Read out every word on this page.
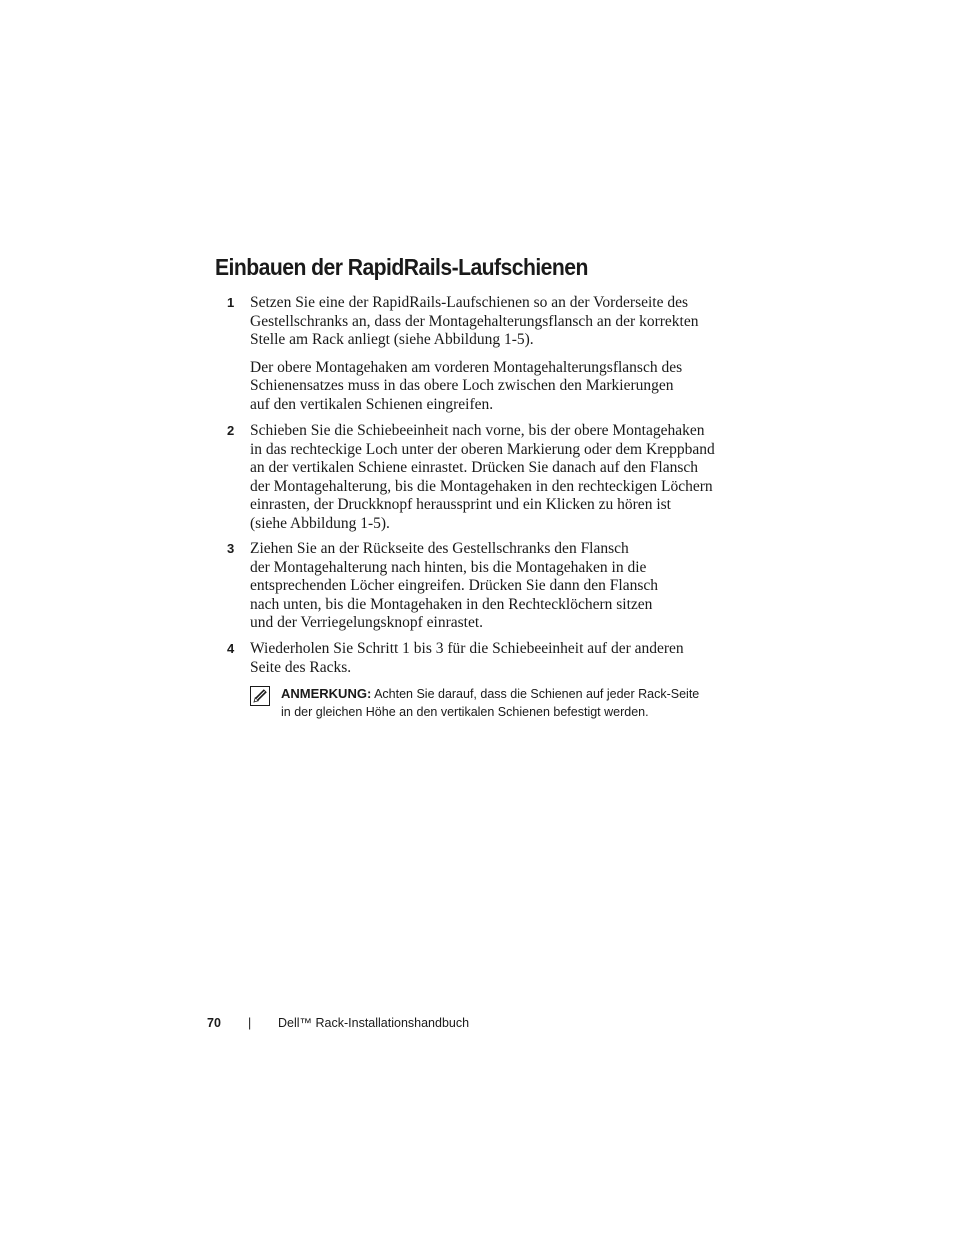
Einbauen der RapidRails-Laufschienen
1 Setzen Sie eine der RapidRails-Laufschienen so an der Vorderseite des
Gestellschranks an, dass der Montagehalterungsflansch an der korrekten
Stelle am Rack anliegt (siehe Abbildung 1-5).
Der obere Montagehaken am vorderen Montagehalterungsflansch des
Schienensatzes muss in das obere Loch zwischen den Markierungen
auf den vertikalen Schienen eingreifen.
2 Schieben Sie die Schiebeeinheit nach vorne, bis der obere Montagehaken
in das rechteckige Loch unter der oberen Markierung oder dem Kreppband
an der vertikalen Schiene einrastet. Drücken Sie danach auf den Flansch
der Montagehalterung, bis die Montagehaken in den rechteckigen Löchern
einrasten, der Druckknopf heraussprint und ein Klicken zu hören ist
(siehe Abbildung 1-5).
3 Ziehen Sie an der Rückseite des Gestellschranks den Flansch
der Montagehalterung nach hinten, bis die Montagehaken in die
entsprechenden Löcher eingreifen. Drücken Sie dann den Flansch
nach unten, bis die Montagehaken in den Rechtecklöchern sitzen
und der Verriegelungsknopf einrastet.
4 Wiederholen Sie Schritt 1 bis 3 für die Schiebeeinheit auf der anderen
Seite des Racks.
ANMERKUNG: Achten Sie darauf, dass die Schienen auf jeder Rack-Seite
in der gleichen Höhe an den vertikalen Schienen befestigt werden.
70 | Dell™ Rack-Installationshandbuch
